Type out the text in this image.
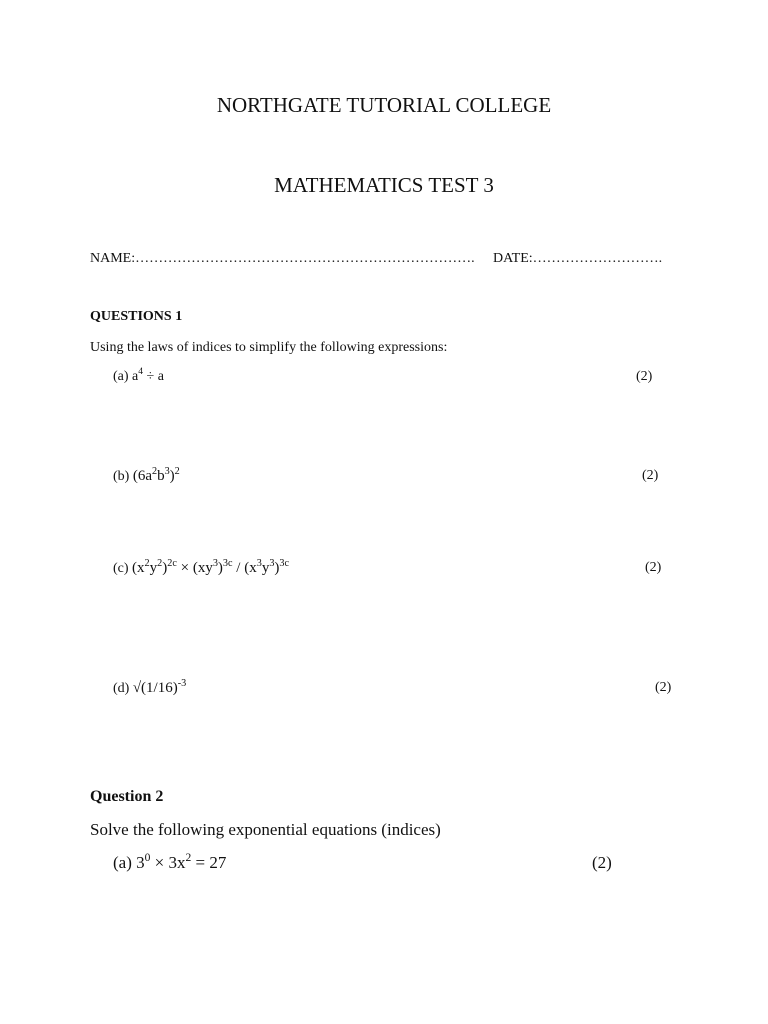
NORTHGATE TUTORIAL COLLEGE
MATHEMATICS TEST 3
NAME:………………………………………………………………. DATE:……………………….
QUESTIONS 1
Using the laws of indices to simplify the following expressions:
(a) $a^4 \div a$	(2)
(b) $(6a^2b^3)^2$	(2)
(c) $(x^2y^2)^{2c} \times (xy^3)^{3c} / (x^3y^3)^{3c}$	(2)
(d) $√(1/16)^{-3}$	(2)
Question 2
Solve the following exponential equations (indices)
(a) $3^0 \times 3x^2 = 27$	(2)
